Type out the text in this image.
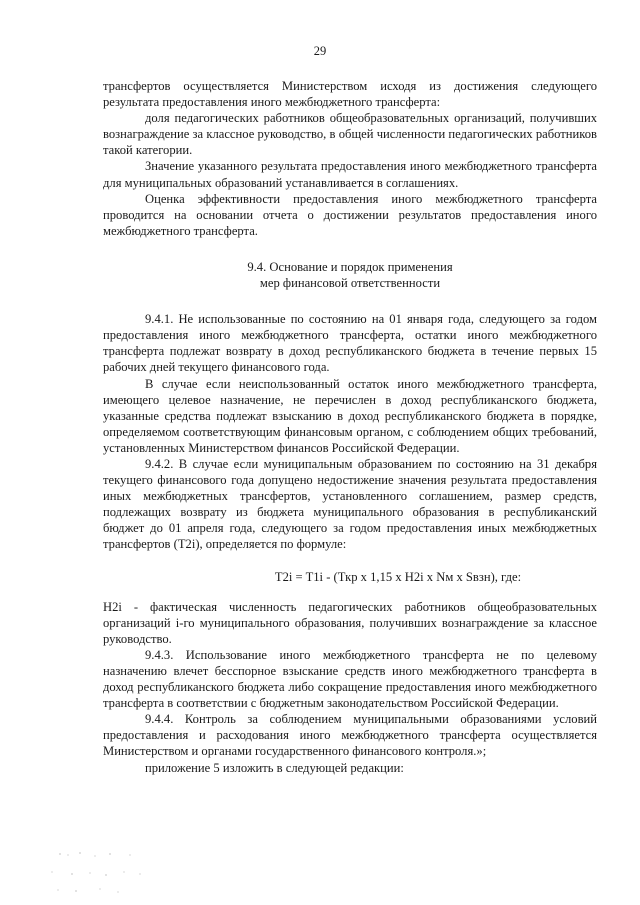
29

трансфертов осуществляется Министерством исходя из достижения следующего результата предоставления иного межбюджетного трансферта:

доля педагогических работников общеобразовательных организаций, получивших вознаграждение за классное руководство, в общей численности педагогических работников такой категории.

Значение указанного результата предоставления иного межбюджетного трансферта для муниципальных образований устанавливается в соглашениях.

Оценка эффективности предоставления иного межбюджетного трансферта проводится на основании отчета о достижении результатов предоставления иного межбюджетного трансферта.

9.4. Основание и порядок применения
мер финансовой ответственности

9.4.1. Не использованные по состоянию на 01 января года, следующего за годом предоставления иного межбюджетного трансферта, остатки иного межбюджетного трансферта подлежат возврату в доход республиканского бюджета в течение первых 15 рабочих дней текущего финансового года.

В случае если неиспользованный остаток иного межбюджетного трансферта, имеющего целевое назначение, не перечислен в доход республиканского бюджета, указанные средства подлежат взысканию в доход республиканского бюджета в порядке, определяемом соответствующим финансовым органом, с соблюдением общих требований, установленных Министерством финансов Российской Федерации.

9.4.2. В случае если муниципальным образованием по состоянию на 31 декабря текущего финансового года допущено недостижение значения результата предоставления иных межбюджетных трансфертов, установленного соглашением, размер средств, подлежащих возврату из бюджета муниципального образования в республиканский бюджет до 01 апреля года, следующего за годом предоставления иных межбюджетных трансфертов (T2i), определяется по формуле:

T2i = T1i - (Ткр x 1,15 x H2i x Nм x Sвзн), где:

H2i - фактическая численность педагогических работников общеобразовательных организаций i-го муниципального образования, получивших вознаграждение за классное руководство.

9.4.3. Использование иного межбюджетного трансферта не по целевому назначению влечет бесспорное взыскание средств иного межбюджетного трансферта в доход республиканского бюджета либо сокращение предоставления иного межбюджетного трансферта в соответствии с бюджетным законодательством Российской Федерации.

9.4.4. Контроль за соблюдением муниципальными образованиями условий предоставления и расходования иного межбюджетного трансферта осуществляется Министерством и органами государственного финансового контроля.»;

приложение 5 изложить в следующей редакции:
